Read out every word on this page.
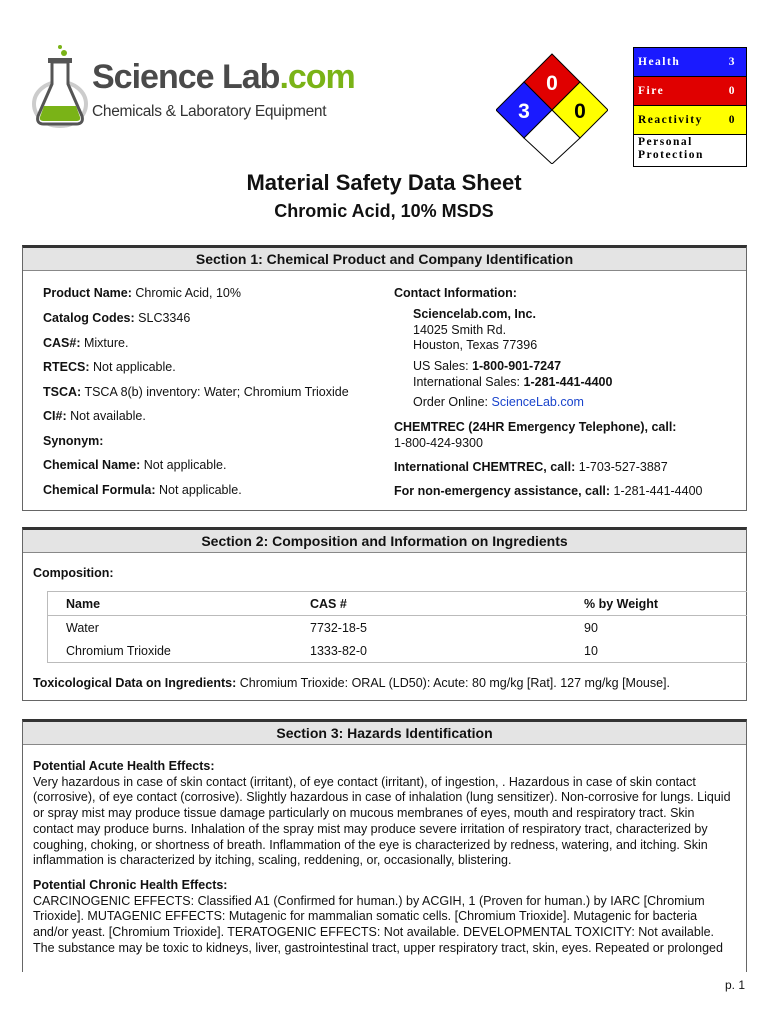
Science Lab.com
Chemicals & Laboratory Equipment
0
3 0
Health	3
Fire	0
Reactivity 0
Personal
Protection
Material Safety Data Sheet
Chromic Acid, 10% MSDS
Section 1: Chemical Product and Company Identification
Product Name: Chromic Acid, 10%
Catalog Codes: SLC3346
CAS#: Mixture.
RTECS: Not applicable.
TSCA: TSCA 8(b) inventory: Water; Chromium Trioxide
CI#: Not available.
Synonym:
Chemical Name: Not applicable.
Chemical Formula: Not applicable.
Contact Information:
Sciencelab.com, Inc.
14025 Smith Rd.
Houston, Texas 77396
US Sales: 1-800-901-7247
International Sales: 1-281-441-4400
Order Online: ScienceLab.com
CHEMTREC (24HR Emergency Telephone), call:
1-800-424-9300
International CHEMTREC, call: 1-703-527-3887
For non-emergency assistance, call: 1-281-441-4400
Section 2: Composition and Information on Ingredients
Composition:
Name	CAS #	% by Weight
Water	7732-18-5	90
Chromium Trioxide	1333-82-0	10
Toxicological Data on Ingredients: Chromium Trioxide: ORAL (LD50): Acute: 80 mg/kg [Rat]. 127 mg/kg [Mouse].
Section 3: Hazards Identification
Potential Acute Health Effects:
Very hazardous in case of skin contact (irritant), of eye contact (irritant), of ingestion, . Hazardous in case of skin contact (corrosive), of eye contact (corrosive). Slightly hazardous in case of inhalation (lung sensitizer). Non-corrosive for lungs. Liquid or spray mist may produce tissue damage particularly on mucous membranes of eyes, mouth and respiratory tract. Skin contact may produce burns. Inhalation of the spray mist may produce severe irritation of respiratory tract, characterized by coughing, choking, or shortness of breath. Inflammation of the eye is characterized by redness, watering, and itching. Skin inflammation is characterized by itching, scaling, reddening, or, occasionally, blistering.
Potential Chronic Health Effects:
CARCINOGENIC EFFECTS: Classified A1 (Confirmed for human.) by ACGIH, 1 (Proven for human.) by IARC [Chromium Trioxide]. MUTAGENIC EFFECTS: Mutagenic for mammalian somatic cells. [Chromium Trioxide]. Mutagenic for bacteria and/or yeast. [Chromium Trioxide]. TERATOGENIC EFFECTS: Not available. DEVELOPMENTAL TOXICITY: Not available. The substance may be toxic to kidneys, liver, gastrointestinal tract, upper respiratory tract, skin, eyes. Repeated or prolonged
p. 1
